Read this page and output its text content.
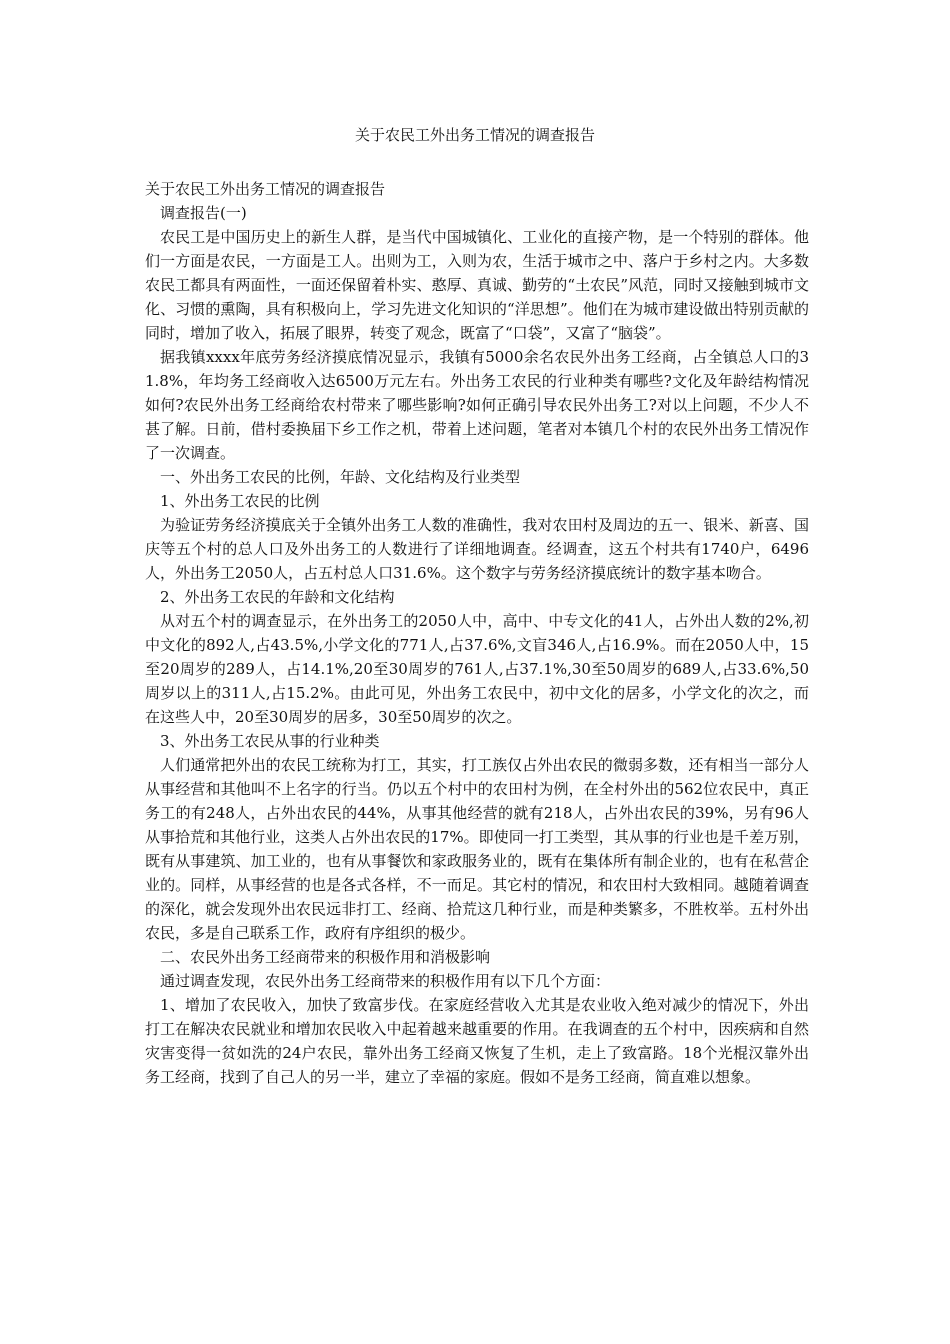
关于农民工外出务工情况的调查报告

关于农民工外出务工情况的调查报告

调查报告(一)

农民工是中国历史上的新生人群，是当代中国城镇化、工业化的直接产物，是一个特别的群体。他们一方面是农民，一方面是工人。出则为工，入则为农，生活于城市之中、落户于乡村之内。大多数农民工都具有两面性，一面还保留着朴实、憨厚、真诚、勤劳的“土农民”风范，同时又接触到城市文化、习惯的熏陶，具有积极向上，学习先进文化知识的“洋思想”。他们在为城市建设做出特别贡献的同时，增加了收入，拓展了眼界，转变了观念，既富了“口袋”，又富了“脑袋”。

据我镇xxxx年底劳务经济摸底情况显示，我镇有5000余名农民外出务工经商，占全镇总人口的31.8%，年均务工经商收入达6500万元左右。外出务工农民的行业种类有哪些?文化及年龄结构情况如何?农民外出务工经商给农村带来了哪些影响?如何正确引导农民外出务工?对以上问题，不少人不甚了解。日前，借村委换届下乡工作之机，带着上述问题，笔者对本镇几个村的农民外出务工情况作了一次调查。

一、外出务工农民的比例，年龄、文化结构及行业类型

1、外出务工农民的比例

为验证劳务经济摸底关于全镇外出务工人数的准确性，我对农田村及周边的五一、银米、新喜、国庆等五个村的总人口及外出务工的人数进行了详细地调查。经调查，这五个村共有1740户，6496人，外出务工2050人，占五村总人口31.6%。这个数字与劳务经济摸底统计的数字基本吻合。

2、外出务工农民的年龄和文化结构

从对五个村的调查显示，在外出务工的2050人中，高中、中专文化的41人，占外出人数的2%,初中文化的892人,占43.5%,小学文化的771人,占37.6%,文盲346人,占16.9%。而在2050人中，15至20周岁的289人，占14.1%,20至30周岁的761人,占37.1%,30至50周岁的689人,占33.6%,50周岁以上的311人,占15.2%。由此可见，外出务工农民中，初中文化的居多，小学文化的次之，而在这些人中，20至30周岁的居多，30至50周岁的次之。

3、外出务工农民从事的行业种类

人们通常把外出的农民工统称为打工，其实，打工族仅占外出农民的微弱多数，还有相当一部分人从事经营和其他叫不上名字的行当。仍以五个村中的农田村为例，在全村外出的562位农民中，真正务工的有248人，占外出农民的44%，从事其他经营的就有218人，占外出农民的39%，另有96人从事拾荒和其他行业，这类人占外出农民的17%。即使同一打工类型，其从事的行业也是千差万别，既有从事建筑、加工业的，也有从事餐饮和家政服务业的，既有在集体所有制企业的，也有在私营企业的。同样，从事经营的也是各式各样，不一而足。其它村的情况，和农田村大致相同。越随着调查的深化，就会发现外出农民远非打工、经商、拾荒这几种行业，而是种类繁多，不胜枚举。五村外出农民，多是自己联系工作，政府有序组织的极少。

二、农民外出务工经商带来的积极作用和消极影响

通过调查发现，农民外出务工经商带来的积极作用有以下几个方面：

1、增加了农民收入，加快了致富步伐。在家庭经营收入尤其是农业收入绝对减少的情况下，外出打工在解决农民就业和增加农民收入中起着越来越重要的作用。在我调查的五个村中，因疾病和自然灾害变得一贫如洗的24户农民，靠外出务工经商又恢复了生机，走上了致富路。18个光棍汉靠外出务工经商，找到了自己人的另一半，建立了幸福的家庭。假如不是务工经商，简直难以想象。
